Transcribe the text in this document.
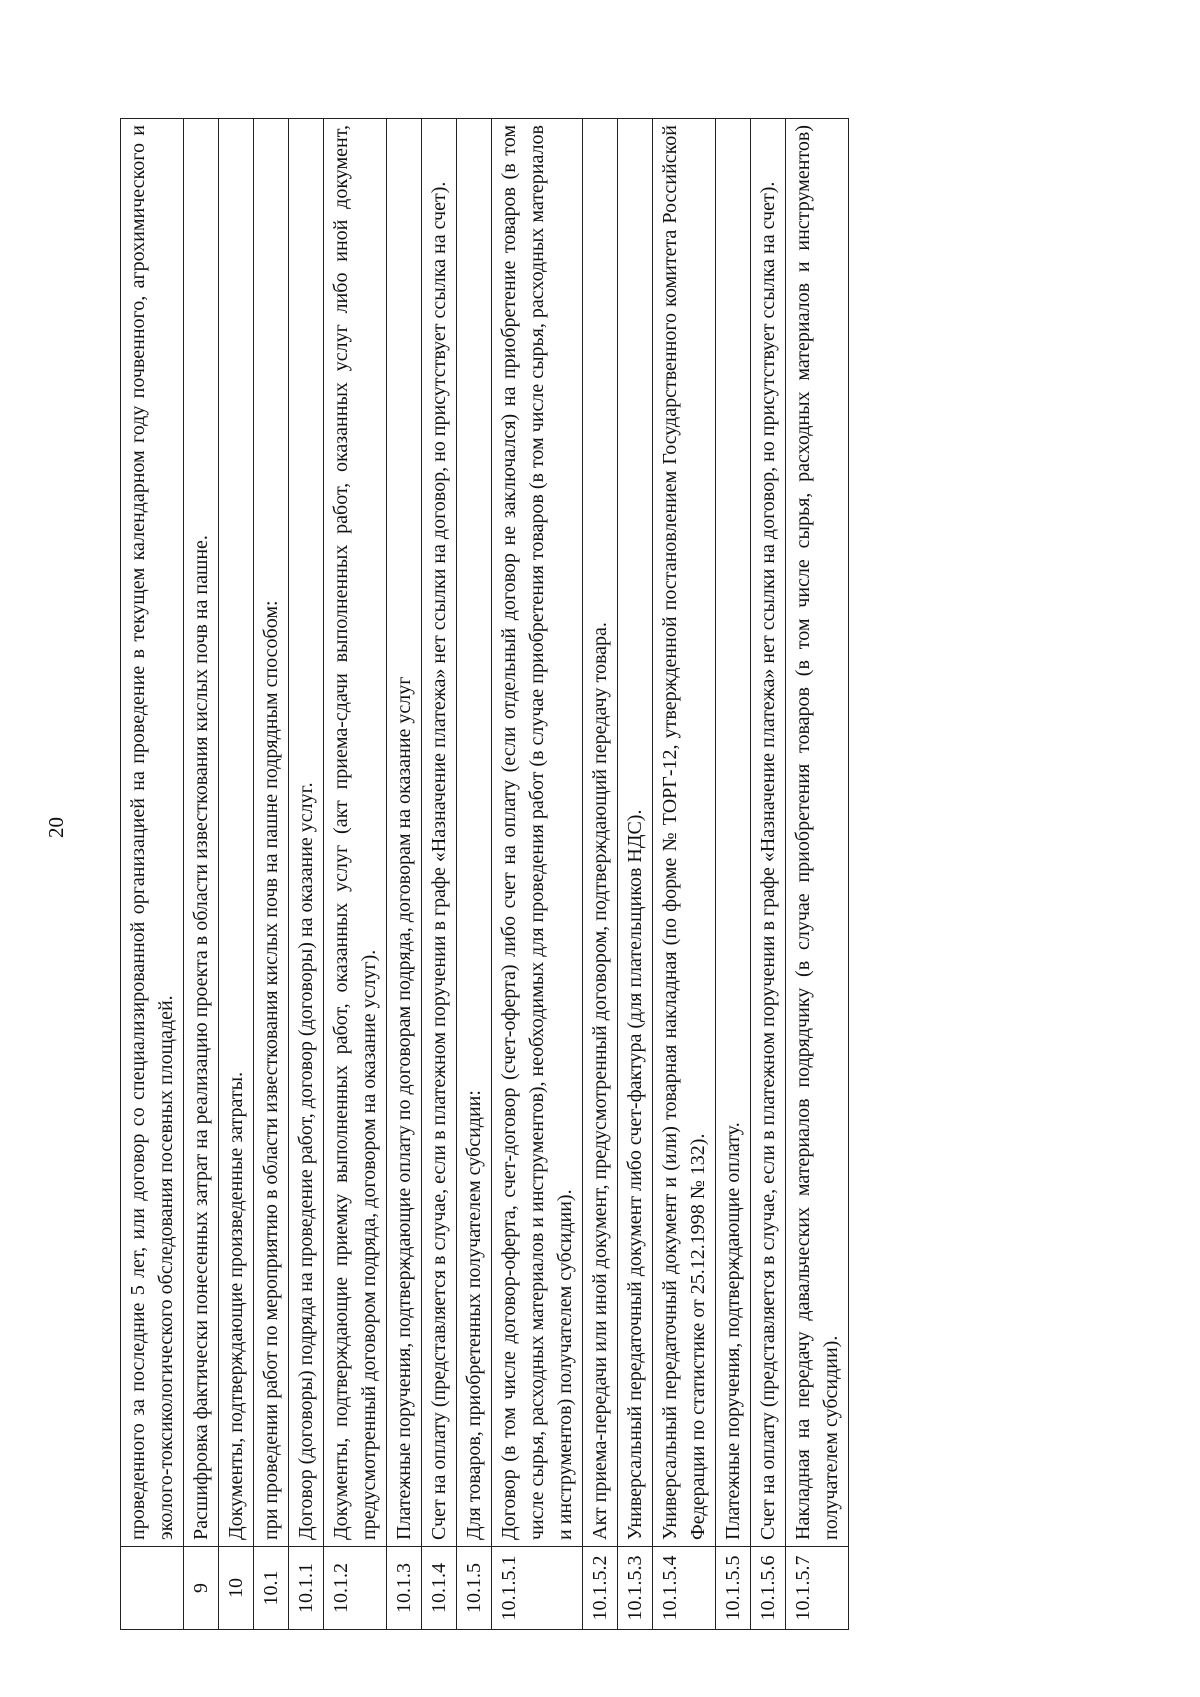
20
		проведенного за последние 5 лет, или договор со специализированной организацией на проведение в текущем календарном году почвенного, агрохимического и эколого-токсикологического обследования посевных площадей.
9	Расшифровка фактически понесенных затрат на реализацию проекта в области известкования кислых почв на пашне.
10	Документы, подтверждающие произведенные затраты.
10.1	при проведении работ по мероприятию в области известкования кислых почв на пашне подрядным способом:
10.1.1	Договор (договоры) подряда на проведение работ, договор (договоры) на оказание услуг.
10.1.2	Документы, подтверждающие приемку выполненных работ, оказанных услуг (акт приема-сдачи выполненных работ, оказанных услуг либо иной документ, предусмотренный договором подряда, договором на оказание услуг).
10.1.3	Платежные поручения, подтверждающие оплату по договорам подряда, договорам на оказание услуг
10.1.4	Счет на оплату (представляется в случае, если в платежном поручении в графе «Назначение платежа» нет ссылки на договор, но присутствует ссылка на счет).
10.1.5	Для товаров, приобретенных получателем субсидии:
10.1.5.1	Договор (в том числе договор-оферта, счет-договор (счет-оферта) либо счет на оплату (если отдельный договор не заключался) на приобретение товаров (в том числе сырья, расходных материалов и инструментов), необходимых для проведения работ (в случае приобретения товаров (в том числе сырья, расходных материалов и инструментов) получателем субсидии).
10.1.5.2	Акт приема-передачи или иной документ, предусмотренный договором, подтверждающий передачу товара.
10.1.5.3	Универсальный передаточный документ либо счет-фактура (для плательщиков НДС).
10.1.5.4	Универсальный передаточный документ и (или) товарная накладная (по форме № ТОРГ-12, утвержденной постановлением Государственного комитета Российской Федерации по статистике от 25.12.1998 № 132).
10.1.5.5	Платежные поручения, подтверждающие оплату.
10.1.5.6	Счет на оплату (представляется в случае, если в платежном поручении в графе «Назначение платежа» нет ссылки на договор, но присутствует ссылка на счет).
10.1.5.7	Накладная на передачу давальческих материалов подрядчику (в случае приобретения товаров (в том числе сырья, расходных материалов и инструментов) получателем субсидии).
